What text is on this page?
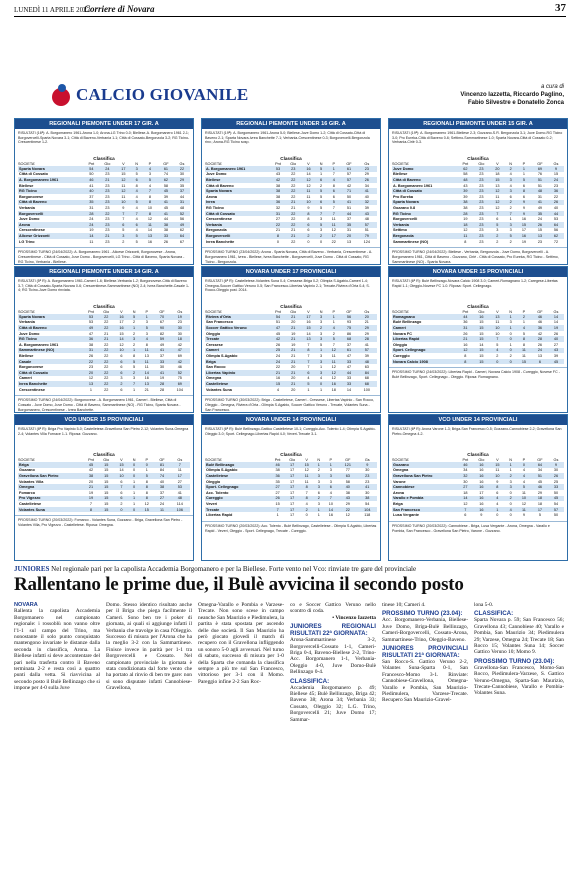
LUNEDÌ 11 APRILE 2022
Corriere di Novara	37
CALCIO GIOVANILE	a cura di
Vincenzo Iazzetta, Riccardo Paglino,
Fabio Silvestre e Donatello Zonca
REGIONALI PIEMONTE UNDER 17 GIR. A
RISULTATI (16ª): A. Borgomanero 1961-Arona 1-0; Arona-LG Trino 0-0; Biellese-A. Borgomanero 1961 2-1; Borgovercelli-Sparta Novara 3-1; Città di Baveno-Verbania 1-1; Città di Cossato-Bergonzola 3-2; RG Ticino-Crescentinese 1-2.
Classifica
SOCIETA'	Pnt	Gio	V	N	P	GF	Gs
Sparta Novara	54	24	17	3	4	61	22
Città di Cossato	50	23	15	5	3	74	30
A. Borgomanero 1961	46	21	12	6	5	62	29
Biellese	41	23	11	8	4	58	35
RG Ticino	40	23	12	4	7	45	37
Borgonovese	37	23	11	4	8	39	44
Città di Baveno	35	23	10	5	8	41	31
Verbania	31	23	9	4	10	45	48
Borgovercelli	28	22	7	7	8	41	52
Juve Domo	24	23	7	4	12	44	56
Arona	24	23	6	6	11	38	49
Crescentinese	19	23	5	4	14	38	62
Alicese Orizzonti	14	21	3	5	13	33	64
LG Trino	11	23	2	5	16	26	67
PROSSIMO TURNO (24/04/2022): A. Borgomanero 1961 - Alicese Orizzonti, Borgonovese - Arona, Crescentinese - Città di Cossato, Juve Domo - Borgovercelli, LG Trino - Città di Baveno, Sparta Novara - RG Ticino, Verbania - Biellese.
REGIONALI PIEMONTE UNDER 16 GIR. A
RISULTATI (19ª): A. Borgomanero 1961-Arona 5-0; Biellese-Juve Domo 1-2; Città di Cossato-Città di Baveno 2-1; Sparta Novara-Ivrea Banchette 7-1; Verbania-Crescentinese 0-3; Borgovercelli-Bergonzola rinv.; Arona-RG Ticino sosp.
Classifica
SOCIETA'	Pnt	Gio	V	N	P	GF	Gs
A. Borgomanero 1961	53	23	16	5	1	61	23
Juve Domo	43	22	14	1	7	57	29
Biellese	42	22	12	6	4	57	26
Città di Baveno	38	22	12	2	8	42	34
Sparta Novara	38	22	11	5	6	71	41
Arona	38	22	11	5	6	50	40
Ivrea	36	21	10	6	5	41	32
RG Ticino	32	21	9	5	7	51	39
Città di Cossato	31	22	8	7	7	44	43
Crescentinese	27	22	8	3	11	37	48
Verbania	22	22	6	5	11	35	57
Bergonzola	21	21	6	3	12	31	51
Borgovercelli	8	21	2	2	17	20	79
Ivrea Banchette	0	22	0	0	22	13	124
PROSSIMO TURNO (23/04/2022): Arona - Sparta Novara, Città di Baveno - Verbania, Crescentinese - A. Borgomanero 1961, Ivrea - Biellese, Ivrea Banchette - Borgovercelli, Juve Domo - Città di Cossato, RG Ticino - Bergonzola.
REGIONALI PIEMONTE UNDER 15 GIR. A
RISULTATI (19ª): A. Borgomanero 1961-Biellese 2-3; Gozzano-S.R. Bergonzola 3-1; Juve Domo-RG Ticino 3-0; Pro Eureka-Città di Baveno 0-6; Settimo-Sammartinese 1-0; Sparta Novara-Città di Cossato 0-2; Verbania-Ciriè 0-3.
Classifica
SOCIETA'	Pnt	Gio	V	N	P	GF	Gs
Juve Domo	62	23	20	2	1	69	9
Biellese	58	23	18	4	1	76	15
Città di Baveno	48	23	15	3	5	51	24
A. Borgomanero 1961	43	23	13	4	6	51	23
Città di Cossato	39	23	12	3	8	48	36
Pro Eureka	39	23	11	6	6	31	22
Sparta Novara	38	23	12	2	9	41	26
Gozzano 0.8	38	23	12	2	9	49	40
RG Ticino	28	23	7	7	9	35	44
Borgovercelli	19	23	6	1	16	24	53
Verbania	18	23	5	3	15	26	64
Settimo	12	23	3	3	17	15	56
Bergonzola	11	23	2	5	16	13	62
Sammartinese (NO)	8	23	2	2	19	23	72
PROSSIMO TURNO (24/04/2022): Biellese - Verbania, Bergonzola - Juve Domo, Borgovercelli - A. Borgomanero 1961, Città di Baveno - Gozzano, Ciriè - Città di Cossato, Pro Eureka, RG Ticino - Settimo, Sammartinese (NO) - Sparta Novara.
REGIONALI PIEMONTE UNDER 14 GIR. A
RISULTATI (5ª R): A. Borgomanero 1961-Cameri 1-6; Biellese-Verbania 1-2; Borgonovese-Città di Baveno 3-7; Città di Cossato-Sparta Novara 0-6; Crescentinese-Sammartinese (NO) 2-4; Ivrea Banchette-Casale 1-4; RG Ticino-Juve Domo rinviata.
Classifica
SOCIETA'	Pnt	Gio	V	N	P	GF	Gs
Sparta Novara	53	22	16	5	1	70	19
Verbania	53	22	17	2	3	67	23
Città di Baveno	49	22	16	1	5	90	30
Juve Domo	47	21	15	2	3	82	30
RG Ticino	36	21	14	3	4	59	18
A. Borgomanero 1961	38	22	12	2	8	49	42
Sammartinese (NO)	31	22	10	1	11	41	47
Biellese	26	22	6	8	13	37	69
Casale	22	22	6	5	11	33	42
Borgonovese	23	22	6	5	11	30	46
Città di Cossato	20	22	6	2	14	41	52
Cameri	12	22	3	3	16	19	75
Ivrea Banchette	13	22	2	7	13	28	69
Crescentinese	1	22	6	1	21	28	104
PROSSIMO TURNO (24/04/2022): Borgonovese - A. Borgomanero 1961, Cameri - Biellese, Città di Cossato - Juve Domo, Juve Domo - Città di Baveno, Sammartinese (NO) - RG Ticino, Sparta Novara - Borgomanero, Crescentinese - Ivrea Banchette.
NOVARA UNDER 17 PROVINCIALI
RISULTATI (6ª R): Castelletese-Volantes Suna 0-4; Cressese-Briga 0-2; Olimpia S.Agabio-Cameri 1-4; Omegna-Soccer Gattico Veruno 0-5; San Francesco-Libertas Vapinio 2-1; Trecate-Riviera d'Orta 0-4; S. Rocco-Oleggio post. 2014.
Classifica
SOCIETA'	Pnt	Gio	V	N	P	GF	Gs
Riviera d'Orta	54	21	17	3	1	56	20
San Francesco	51	20	16	3	1	93	21
Soccer Gattico Veruno	47	21	15	2	4	75	29
Oleggio	45	19	14	3	2	86	29
Trecate	42	21	13	3	5	68	28
Cressese	26	19	7	5	7	37	41
Cameri	25	21	8	1	12	61	57
Olimpia S.Agabio	24	21	7	3	11	47	39
Briga	24	21	7	3	11	33	48
San Rocco	22	20	7	1	12	47	63
Libertas Vapinio	21	21	6	3	12	44	84
Omegna	16	20	4	4	12	33	68
Castelletese	15	21	5	0	16	33	68
Volantes Suna	4	20	1	1	18	14	100
PROSSIMO TURNO (30/03/2022): Briga - Castelletese, Cameri - Cressese, Libertas Vapinio - San Rocco, Oleggio - Omegna, Riviera d'Orta - Olimpia S.Agabio, Soccer Gattico Veruno - Trecate, Volantes Suna - San Francesco.
NOVARA UNDER 15 PROVINCIALI
RISULTATI (6ª R): Bulè Bellinzago-Novara Calcio 1908 3-0; Cameri-Romagnano 1-2; Caregese-Libertas Rapid 1-1; Oleggio-Novese FC 1-0. Riposa: Sport. Cellegnago.
Classifica
SOCIETA'	Pnt	Gio	V	N	P	GF	Gs
Romagnano	44	16	13	1	2	46	14
Bulè Bellinzago	36	15	11	3	1	46	14
Cameri	31	15	10	1	4	36	19
Novara FC	26	15	10	0	5	42	26
Libertas Rapid	21	15	7	0	8	28	40
Oleggio	16	14	5	1	8	26	27
Sport. Cellegnago	12	15	4	0	11	24	43
Cureggio	8	15	2	2	11	13	39
Novara Calcio 1908	8	15	0	0	15	6	45
PROSSIMO TURNO (24/03/2022): Libertas Rapid - Cameri, Novara Calcio 1908 - Cureggio, Novese FC - Bulè Bellinzago, Sport. Cellegnago - Oleggio. Riposa: Romagnano.
VCO UNDER 15 PROVINCIALI
RISULTATI (8ª R): Briga Pro Vapinio 5-0; Castelletese-Gravellona San Pietro 2-12; Volantes Suna-Omegna 2-4; Volantes Villa Fornace 1-1. Riposa: Gozzano.
Classifica
SOCIETA'	Pnt	Gio	V	N	P	GF	Gs
Briga	45	15	15	0	0	81	7
Gozzano	42	15	14	0	1	84	11
Gravellona San Pietro	38	15	10	0	5	74	17
Volantes Villa	20	15	6	1	8	40	27
Omegna	21	15	7	0	8	38	53
Fomarco	19	15	6	1	8	37	41
Pro Vigezzo	19	15	6	1	8	27	48
Castelletese	7	15	2	1	12	24	114
Volantes Suna	8	15	0	0	15	11	106
PROSSIMO TURNO (20/03/2022): Fomarco - Volantes Suna, Gozzano - Briga, Gravellona San Pietro - Volantes Villa, Pro Vigezzo - Castelletese. Riposa: Omegna.
NOVARA UNDER 14 PROVINCIALI
RISULTATI (6ª R): Bulè Bellinzago-Gattico Castelletese 10-1; Cureggio-Acc. Tolento 1-4; Olimpia S.Agabio-Oleggio 3-0; Sport. Cellegnago-Libertas Rapid 4-0; Veveri-Trecate 3-1.
Classifica
SOCIETA'	Pnt	Gio	V	N	P	GF	Gs
Bulè Bellinzago	46	17	15	1	1	121	9
Olimpia S.Agabio	38	17	12	2	3	77	30
Castelletese	36	17	11	3	3	63	23
Oleggio	35	17	11	3	3	58	23
Sport. Cellegnago	27	17	8	3	6	40	41
Acc. Tolento	27	17	7	6	4	38	30
Cureggio	26	17	8	2	7	43	38
Veveri	15	17	4	3	10	29	54
Trecate	7	17	2	1	14	22	104
Libertas Rapid	1	17	0	1	16	12	118
PROSSIMO TURNO (20/03/2022): Acc. Tolento - Bulè Bellinzago, Castelletese - Olimpia S.Agabio, Libertas Rapid - Veveri, Oleggio - Sport. Cellegnago, Trecate - Cureggio.
VCO UNDER 14 PROVINCIALI
RISULTATI (6ª R): Arona Varone 1-3; Briga-San Francesco 0-5; Gozzano-Cannobiese 2-2; Gravellona San Pietro-Omegna 4-2.
Classifica
SOCIETA'	Pnt	Gio	V	N	P	GF	Gs
Gozzano	46	16	15	1	0	64	9
Omegna	34	16	11	1	4	34	30
Gravellona San Pietro	32	16	10	2	4	51	26
Varone	30	16	9	3	4	45	25
Cannobiese	27	16	8	3	5	46	33
Arona	18	17	6	0	11	29	50
Varallo e Pombia	14	16	4	2	10	18	45
Briga	12	16	4	0	12	18	54
San Francesco	7	16	1	4	11	17	57
Lusa Vergante	6	9	0	0	9	5	50
PROSSIMO TURNO (20/03/2022): Cannobiese - Briga, Lusa Vergante - Arona, Omegna - Varallo e Pombia, San Francesco - Gravellona San Pietro, Varone - Gozzano.
JUNIORES Nel regionale pari per la capolista Accademia Borgomanero e per la Biellese. Forte vento nel Vco: rinviate tre gare del provinciale
Rallentano le prime due, il Bulè avvicina il secondo posto
NOVARA
Rallenta la capolista Accademia Borgomanero nel campionato regionale: i rossoblù non vanno oltre l'1-1 sul campo del Trino, ma nonostante il solo punto conquistato mantengono invariate le distanze dalla seconda in classifica, Arona. La Biellese infatti si deve accontentare del pari nella trasferta contro il Baveno terminata 2-2 e resta così a quattro punti dalla vetta. Si riavvicina al secondo posto il Bulè Bellinzago che si impone per 4-0 sulla Juve
Domo. Stesso identico risultato anche per il Briga che piega facilmente il Cameri. Sono ben tre i poker di giornata, ai quali si aggiunge infatti il Verbania che travolge in casa l'Oleggio. Successo di misura per l'Arona che ha la meglio 3-2 con la Sammartinese. Finisce invece in parità per 1-1 tra Borgovercelli e Cossato. Nel campionato provinciale la giornata è stata condizionata dal forte vento che ha portato al rinvio di ben tre gare: non si sono disputate infatti Cannobiese-Gravellona,
Omegna-Varallo e Pombia e Varzese-Trecate. Non sono scese in campo neanche San Maurizio e Piedimulera, la partita è stata spostata per ascendo delle due società. Il San Maurizio ha però giocato giovedì il match di recupero con il Gravellona infliggendo un sonoro 5-0 agli avversari. Nel turno di sabato, successo di misura per 1-0 della Sparta che comanda la classifica sempre a più tre sul San Francesco, vittorioso per 3-1 con il Momo. Pareggio infine 2-2 San Roc-
co e Soccer Gattico Veruno nello scontro di coda.
• Vincenzo Iazzetta
JUNIORES REGIONALI RISULTATI 22ª GIORNATA:
Arona-Sammartinese 3-2, Borgovercelli-Cossato 1-1, Cameri-Briga 0-4, Baveno-Biellese 2-2, Trino-Acc. Borgomanero 1-1, Verbania-Oleggio 4-0, Juve Domo-Bulè Bellinzago 0-4.
CLASSIFICA:
Accademia Borgomanero p. 49; Biellese 45; Bulè Bellinzago, Briga 42; Baveno 38; Arona 34; Verbania 33; Cossato, Oleggio 32; L.G. Trino, Borgovercelli 21; Juve Domo 17; Sammar-
tinese 10; Cameri 4.
PROSSIMO TURNO (23.04):
Acc. Borgomanero-Verbania, Biellese-Juve Domo, Briga-Bulè Bellinzago, Cameri-Borgovercelli, Cossato-Arona, Sammartinese-Trino, Oleggio-Baveno.
JUNIORES PROVINCIALI RISULTATI 21ª GIORNATA:
San Rocco-S. Gattico Veruno 2-2, Volantes Suna-Sparta 0-1, San Francesco-Momo 3-1. Rinviate: Cannobiese-Gravellona, Omegna-Varallo e Pombia, San Maurizio-Piedimulera, Varzese-Trecate. Recupero San Maurizio-Gravel-
lona 5-0.
CLASSIFICA:
Sparta Novara p. 59; San Francesco 56; Gravellona 43; Cannobiese 40; Varallo e Pombia, San Maurizio 34; Piedimulera 29; Varzese, Omegna 24; Trecate 18; San Rocco 15; Volantes Suna 14; Soccer Gattico Veruno 10; Momo 9.
PROSSIMO TURNO (23.04):
Gravellona-San Francesco, Momo-San Rocco, Piedimulera-Varzese, S. Gattico Veruno-Omegna, Sparta-San Maurizio, Trecate-Cannobiese, Varallo e Pombia-Volantes Suna.
